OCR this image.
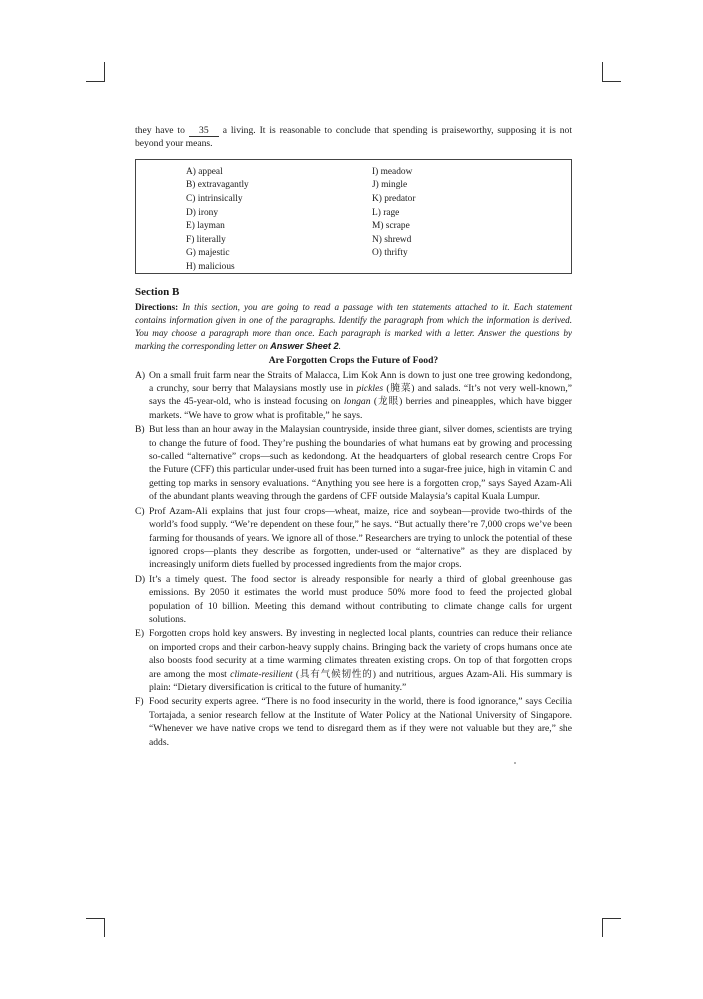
they have to 35 a living. It is reasonable to conclude that spending is praiseworthy, supposing it is not beyond your means.

A) appeal
B) extravagantly
C) intrinsically
D) irony
E) layman
F) literally
G) majestic
H) malicious
I) meadow
J) mingle
K) predator
L) rage
M) scrape
N) shrewd
O) thrifty
Section B

Directions: In this section, you are going to read a passage with ten statements attached to it. Each statement contains information given in one of the paragraphs. Identify the paragraph from which the information is derived. You may choose a paragraph more than once. Each paragraph is marked with a letter. Answer the questions by marking the corresponding letter on Answer Sheet 2.

Are Forgotten Crops the Future of Food?

A) On a small fruit farm near the Straits of Malacca, Lim Kok Ann is down to just one tree growing kedondong, a crunchy, sour berry that Malaysians mostly use in pickles (腌菜) and salads. “It’s not very well-known,” says the 45-year-old, who is instead focusing on longan (龙眼) berries and pineapples, which have bigger markets. “We have to grow what is profitable,” he says.

B) But less than an hour away in the Malaysian countryside, inside three giant, silver domes, scientists are trying to change the future of food. They’re pushing the boundaries of what humans eat by growing and processing so-called “alternative” crops—such as kedondong. At the headquarters of global research centre Crops For the Future (CFF) this particular under-used fruit has been turned into a sugar-free juice, high in vitamin C and getting top marks in sensory evaluations. “Anything you see here is a forgotten crop,” says Sayed Azam-Ali of the abundant plants weaving through the gardens of CFF outside Malaysia’s capital Kuala Lumpur.

C) Prof Azam-Ali explains that just four crops—wheat, maize, rice and soybean—provide two-thirds of the world’s food supply. “We’re dependent on these four,” he says. “But actually there’re 7,000 crops we’ve been farming for thousands of years. We ignore all of those.” Researchers are trying to unlock the potential of these ignored crops—plants they describe as forgotten, under-used or “alternative” as they are displaced by increasingly uniform diets fuelled by processed ingredients from the major crops.

D) It’s a timely quest. The food sector is already responsible for nearly a third of global greenhouse gas emissions. By 2050 it estimates the world must produce 50% more food to feed the projected global population of 10 billion. Meeting this demand without contributing to climate change calls for urgent solutions.

E) Forgotten crops hold key answers. By investing in neglected local plants, countries can reduce their reliance on imported crops and their carbon-heavy supply chains. Bringing back the variety of crops humans once ate also boosts food security at a time warming climates threaten existing crops. On top of that forgotten crops are among the most climate-resilient (具有气候韧性的) and nutritious, argues Azam-Ali. His summary is plain: “Dietary diversification is critical to the future of humanity.”

F) Food security experts agree. “There is no food insecurity in the world, there is food ignorance,” says Cecilia Tortajada, a senior research fellow at the Institute of Water Policy at the National University of Singapore. “Whenever we have native crops we tend to disregard them as if they were not valuable but they are,” she adds.
